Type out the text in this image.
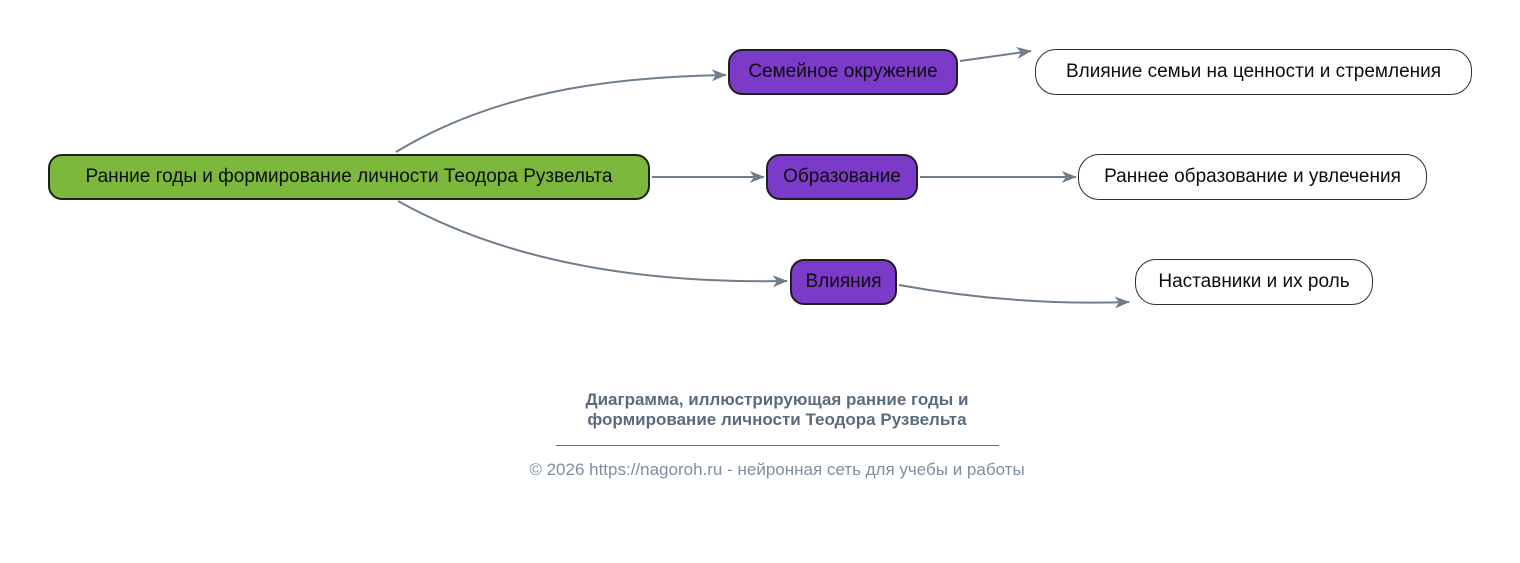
Ранние годы и формирование личности Теодора Рузвельта
Семейное окружение
Образование
Влияния
Влияние семьи на ценности и стремления
Раннее образование и увлечения
Наставники и их роль
Диаграмма, иллюстрирующая ранние годы и
формирование личности Теодора Рузвельта
© 2026 https://nagoroh.ru - нейронная сеть для учебы и работы
